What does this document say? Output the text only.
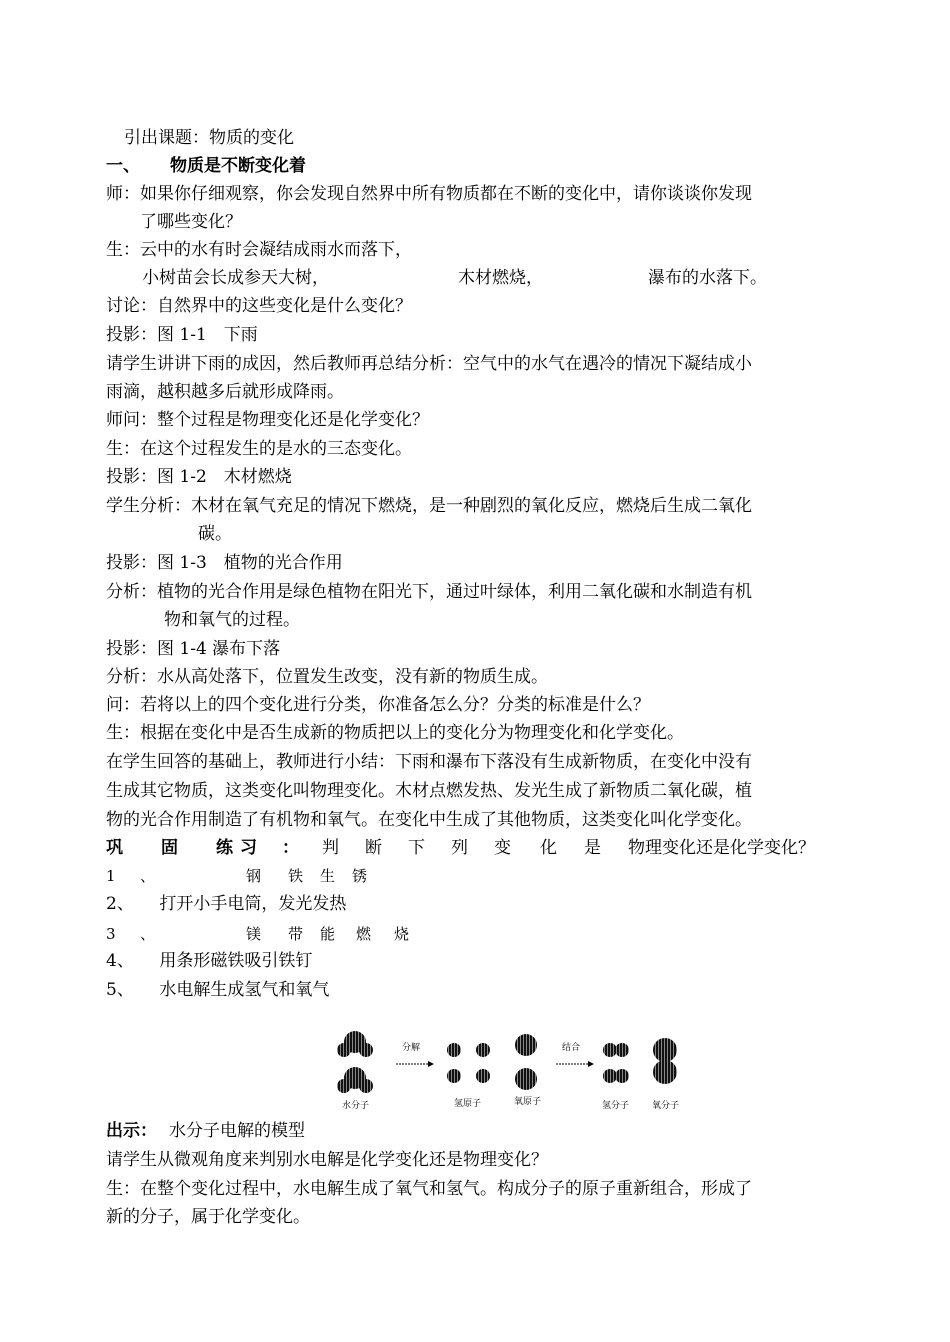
引出课题：物质的变化
一、 物质是不断变化着
师：如果你仔细观察，你会发现自然界中所有物质都在不断的变化中，请你谈谈你发现
了哪些变化？
生：云中的水有时会凝结成雨水而落下，
小树苗会长成参天大树，	木材燃烧，	瀑布的水落下。
讨论：自然界中的这些变化是什么变化？
投影：图 1-1　下雨
请学生讲讲下雨的成因，然后教师再总结分析：空气中的水气在遇冷的情况下凝结成小
雨滴，越积越多后就形成降雨。
师问：整个过程是物理变化还是化学变化？
生：在这个过程发生的是水的三态变化。
投影：图 1-2　木材燃烧
学生分析：木材在氧气充足的情况下燃烧，是一种剧烈的氧化反应，燃烧后生成二氧化
碳。
投影：图 1-3　植物的光合作用
分析：植物的光合作用是绿色植物在阳光下，通过叶绿体，利用二氧化碳和水制造有机
物和氧气的过程。
投影：图 1-4 瀑布下落
分析：水从高处落下，位置发生改变，没有新的物质生成。
问：若将以上的四个变化进行分类，你准备怎么分？分类的标准是什么？
生：根据在变化中是否生成新的物质把以上的变化分为物理变化和化学变化。
在学生回答的基础上，教师进行小结：下雨和瀑布下落没有生成新物质，在变化中没有
生成其它物质，这类变化叫物理变化。木材点燃发热、发光生成了新物质二氧化碳，植
物的光合作用制造了有机物和氧气。在变化中生成了其他物质，这类变化叫化学变化。
巩 固 练 习 ： 判 断 下 列 变 化 是 物理变化还是化学变化？
1 、	钢 铁 生 锈
2、　　打开小手电筒，发光发热
3 、	镁 带 能 燃 烧
4、　　用条形磁铁吸引铁钉
5、　　水电解生成氢气和氧气
水分子
分解
氢原子	氧原子
结合
氢分子	氧分子
出示：
　水分子电解的模型
请学生从微观角度来判别水电解是化学变化还是物理变化？
生：在整个变化过程中，水电解生成了氧气和氢气。构成分子的原子重新组合，形成了
新的分子，属于化学变化。
